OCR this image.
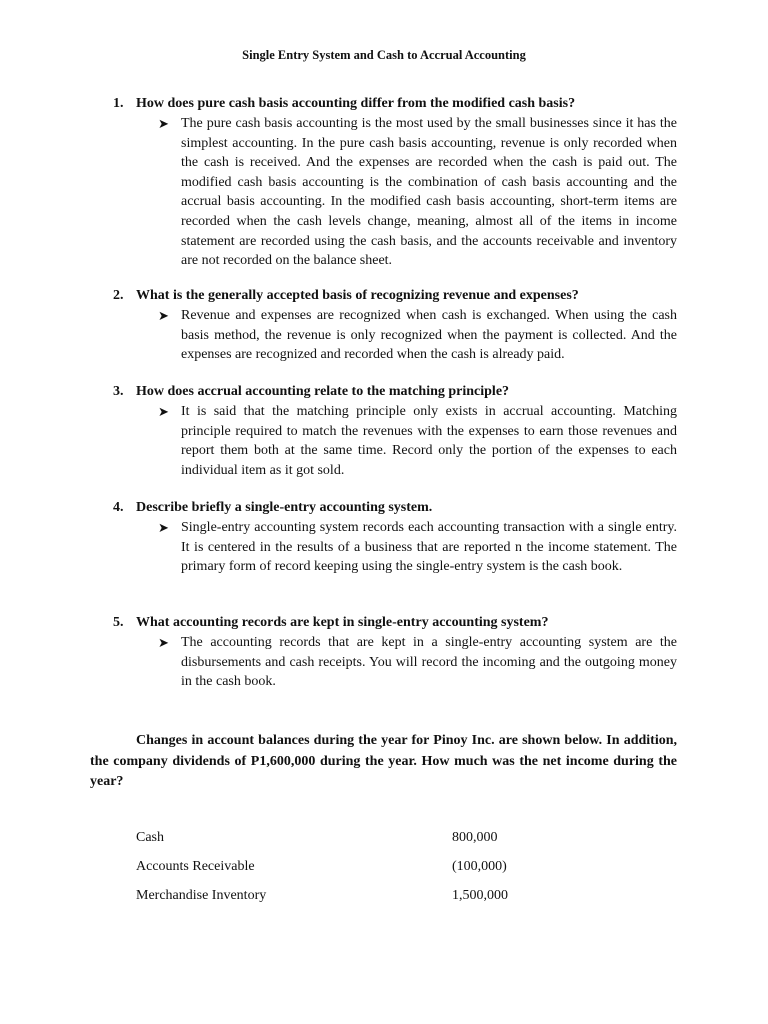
Single Entry System and Cash to Accrual Accounting
1. How does pure cash basis accounting differ from the modified cash basis?
➤ The pure cash basis accounting is the most used by the small businesses since it has the simplest accounting. In the pure cash basis accounting, revenue is only recorded when the cash is received. And the expenses are recorded when the cash is paid out. The modified cash basis accounting is the combination of cash basis accounting and the accrual basis accounting. In the modified cash basis accounting, short-term items are recorded when the cash levels change, meaning, almost all of the items in income statement are recorded using the cash basis, and the accounts receivable and inventory are not recorded on the balance sheet.
2. What is the generally accepted basis of recognizing revenue and expenses?
➤ Revenue and expenses are recognized when cash is exchanged. When using the cash basis method, the revenue is only recognized when the payment is collected. And the expenses are recognized and recorded when the cash is already paid.
3. How does accrual accounting relate to the matching principle?
➤ It is said that the matching principle only exists in accrual accounting. Matching principle required to match the revenues with the expenses to earn those revenues and report them both at the same time. Record only the portion of the expenses to each individual item as it got sold.
4. Describe briefly a single-entry accounting system.
➤ Single-entry accounting system records each accounting transaction with a single entry. It is centered in the results of a business that are reported n the income statement. The primary form of record keeping using the single-entry system is the cash book.
5. What accounting records are kept in single-entry accounting system?
➤ The accounting records that are kept in a single-entry accounting system are the disbursements and cash receipts. You will record the incoming and the outgoing money in the cash book.
Changes in account balances during the year for Pinoy Inc. are shown below. In addition, the company dividends of P1,600,000 during the year. How much was the net income during the year?
Cash	800,000
Accounts Receivable	(100,000)
Merchandise Inventory	1,500,000
